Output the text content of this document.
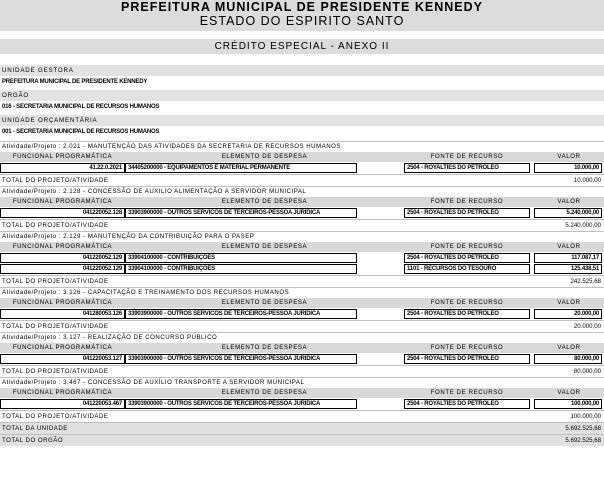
PREFEITURA MUNICIPAL DE PRESIDENTE KENNEDY
ESTADO DO ESPIRITO SANTO
CRÉDITO ESPECIAL - ANEXO II
UNIDADE GESTORA
PREFEITURA MUNICIPAL DE PRESIDENTE KENNEDY
ORGÃO
016 - SECRETARIA MUNICIPAL DE RECURSOS HUMANOS
UNIDADE ORÇAMENTÁRIA
001 - SECRETARIA MUNICIPAL DE RECURSOS HUMANOS
Atividade/Projeto : 2.021 - MANUTENÇÃO DAS ATIVIDADES DA SECRETARIA DE RECURSOS HUMANOS
FUNCIONAL PROGRAMÁTICA	ELEMENTO DE DESPESA	FONTE DE RECURSO	VALOR
41.22.0.2021	34405200000 - EQUIPAMENTOS E MATERIAL PERMANENTE	2504 - ROYALTIES DO PETRÓLEO	10.000,00
TOTAL DO PROJETO/ATIVIDADE	10.000,00
Atividade/Projeto : 2.128 - CONCESSÃO DE AUXILIO ALIMENTAÇÃO A SERVIDOR MUNICIPAL
FUNCIONAL PROGRAMÁTICA	ELEMENTO DE DESPESA	FONTE DE RECURSO	VALOR
041220052.128	33903900000 - OUTROS SERVICOS DE TERCEIROS-PESSOA JURIDICA	2504 - ROYALTIES DO PETRÓLEO	5.240.000,00
TOTAL DO PROJETO/ATIVIDADE	5.240.000,00
Atividade/Projeto : 2.129 - MANUTENÇÃO DA CONTRIBUIÇÃO PARA O PASEP
FUNCIONAL PROGRAMÁTICA	ELEMENTO DE DESPESA	FONTE DE RECURSO	VALOR
041220052.129	33904100000 - CONTRIBUIÇÕES	2504 - ROYALTIES DO PETRÓLEO	117.087,17
041220052.129	33904100000 - CONTRIBUIÇÕES	1101 - RECURSOS DO TESOURO	125.438,51
TOTAL DO PROJETO/ATIVIDADE	242.525,68
Atividade/Projeto : 3.126 - CAPACITAÇÃO E TREINAMENTO DOS RECURSOS HUMANOS
FUNCIONAL PROGRAMÁTICA	ELEMENTO DE DESPESA	FONTE DE RECURSO	VALOR
041280053.126	33903900000 - OUTROS SERVICOS DE TERCEIROS-PESSOA JURIDICA	2504 - ROYALTIES DO PETRÓLEO	20.000,00
TOTAL DO PROJETO/ATIVIDADE	20.000,00
Atividade/Projeto : 3.127 - REALIZAÇÃO DE CONCURSO PÚBLICO
FUNCIONAL PROGRAMÁTICA	ELEMENTO DE DESPESA	FONTE DE RECURSO	VALOR
041220053.127	33903900000 - OUTROS SERVICOS DE TERCEIROS-PESSOA JURIDICA	2504 - ROYALTIES DO PETRÓLEO	80.000,00
TOTAL DO PROJETO/ATIVIDADE	80.000,00
Atividade/Projeto : 3.467 - CONCESSÃO DE AUXÍLIO TRANSPORTE A SERVIDOR MUNICIPAL
FUNCIONAL PROGRAMÁTICA	ELEMENTO DE DESPESA	FONTE DE RECURSO	VALOR
041220053.467	33903900000 - OUTROS SERVICOS DE TERCEIROS-PESSOA JURIDICA	2504 - ROYALTIES DO PETRÓLEO	100.000,00
TOTAL DO PROJETO/ATIVIDADE	100.000,00
TOTAL DA UNIDADE	5.692.525,68
TOTAL DO ORGÃO	5.692.525,68
